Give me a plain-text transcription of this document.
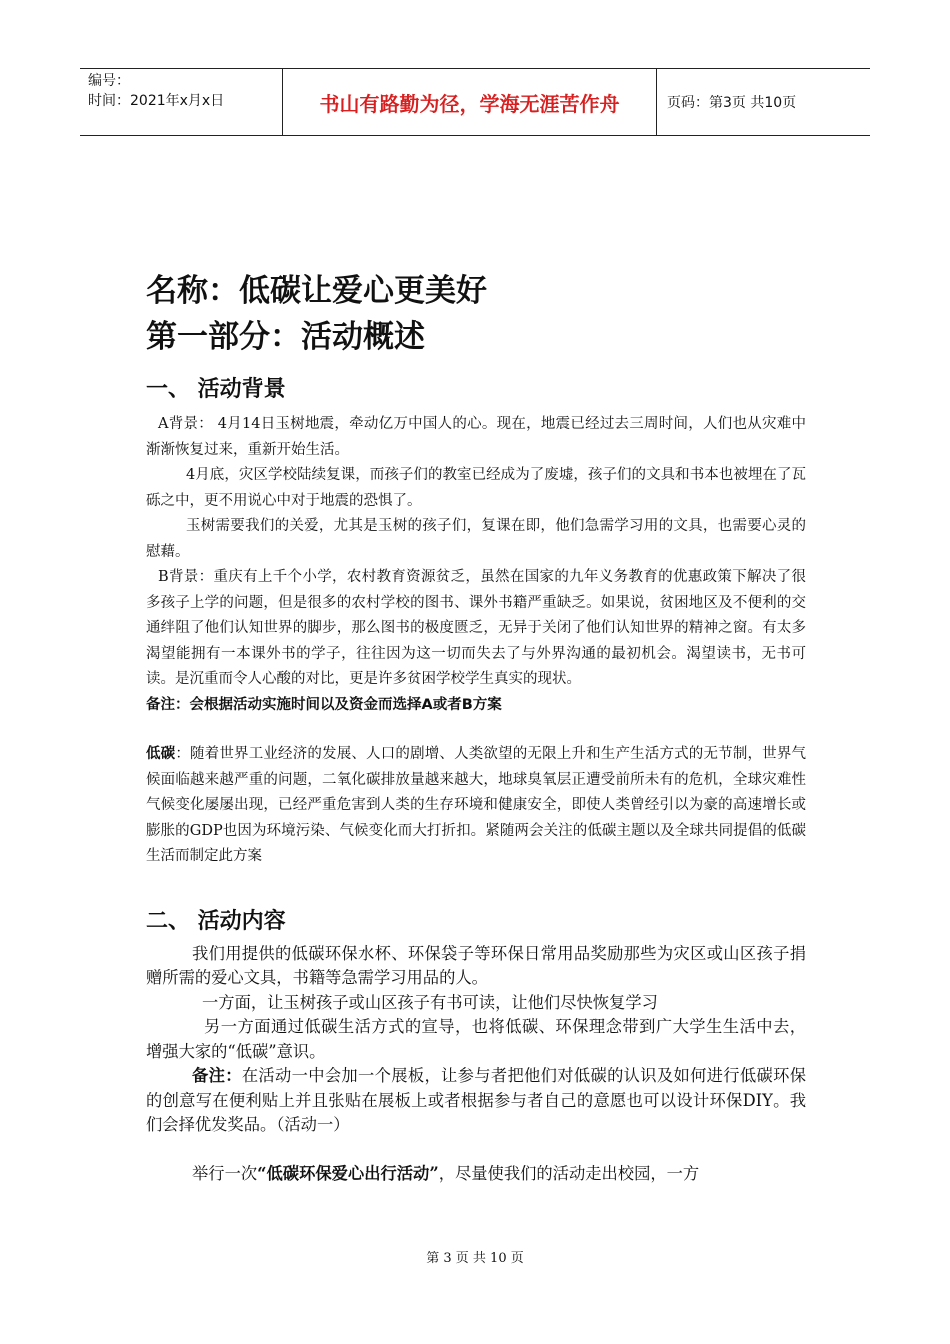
编号：
时间：2021年x月x日	书山有路勤为径，学海无涯苦作舟	页码：第3页 共10页
名称：低碳让爱心更美好
第一部分：活动概述
一、 活动背景

A背景： 4月14日玉树地震，牵动亿万中国人的心。现在，地震已经过去三周时间，人们也从灾难中渐渐恢复过来，重新开始生活。

4月底，灾区学校陆续复课，而孩子们的教室已经成为了废墟，孩子们的文具和书本也被埋在了瓦砾之中，更不用说心中对于地震的恐惧了。

玉树需要我们的关爱，尤其是玉树的孩子们，复课在即，他们急需学习用的文具，也需要心灵的慰藉。

B背景：重庆有上千个小学，农村教育资源贫乏，虽然在国家的九年义务教育的优惠政策下解决了很多孩子上学的问题，但是很多的农村学校的图书、课外书籍严重缺乏。如果说，贫困地区及不便利的交通绊阻了他们认知世界的脚步，那么图书的极度匮乏，无异于关闭了他们认知世界的精神之窗。有太多渴望能拥有一本课外书的学子，往往因为这一切而失去了与外界沟通的最初机会。渴望读书，无书可读。是沉重而令人心酸的对比，更是许多贫困学校学生真实的现状。

备注：会根据活动实施时间以及资金而选择A或者B方案

低碳：随着世界工业经济的发展、人口的剧增、人类欲望的无限上升和生产生活方式的无节制，世界气候面临越来越严重的问题，二氧化碳排放量越来越大，地球臭氧层正遭受前所未有的危机，全球灾难性气候变化屡屡出现，已经严重危害到人类的生存环境和健康安全，即使人类曾经引以为豪的高速增长或膨胀的GDP也因为环境污染、气候变化而大打折扣。紧随两会关注的低碳主题以及全球共同提倡的低碳生活而制定此方案

二、 活动内容

我们用提供的低碳环保水杯、环保袋子等环保日常用品奖励那些为灾区或山区孩子捐赠所需的爱心文具，书籍等急需学习用品的人。

一方面，让玉树孩子或山区孩子有书可读，让他们尽快恢复学习

另一方面通过低碳生活方式的宣导，也将低碳、环保理念带到广大学生生活中去，增强大家的“低碳”意识。

备注：在活动一中会加一个展板，让参与者把他们对低碳的认识及如何进行低碳环保的创意写在便利贴上并且张贴在展板上或者根据参与者自己的意愿也可以设计环保DIY。我们会择优发奖品。（活动一）

举行一次“低碳环保爱心出行活动”，尽量使我们的活动走出校园，一方

第 3 页 共 10 页
